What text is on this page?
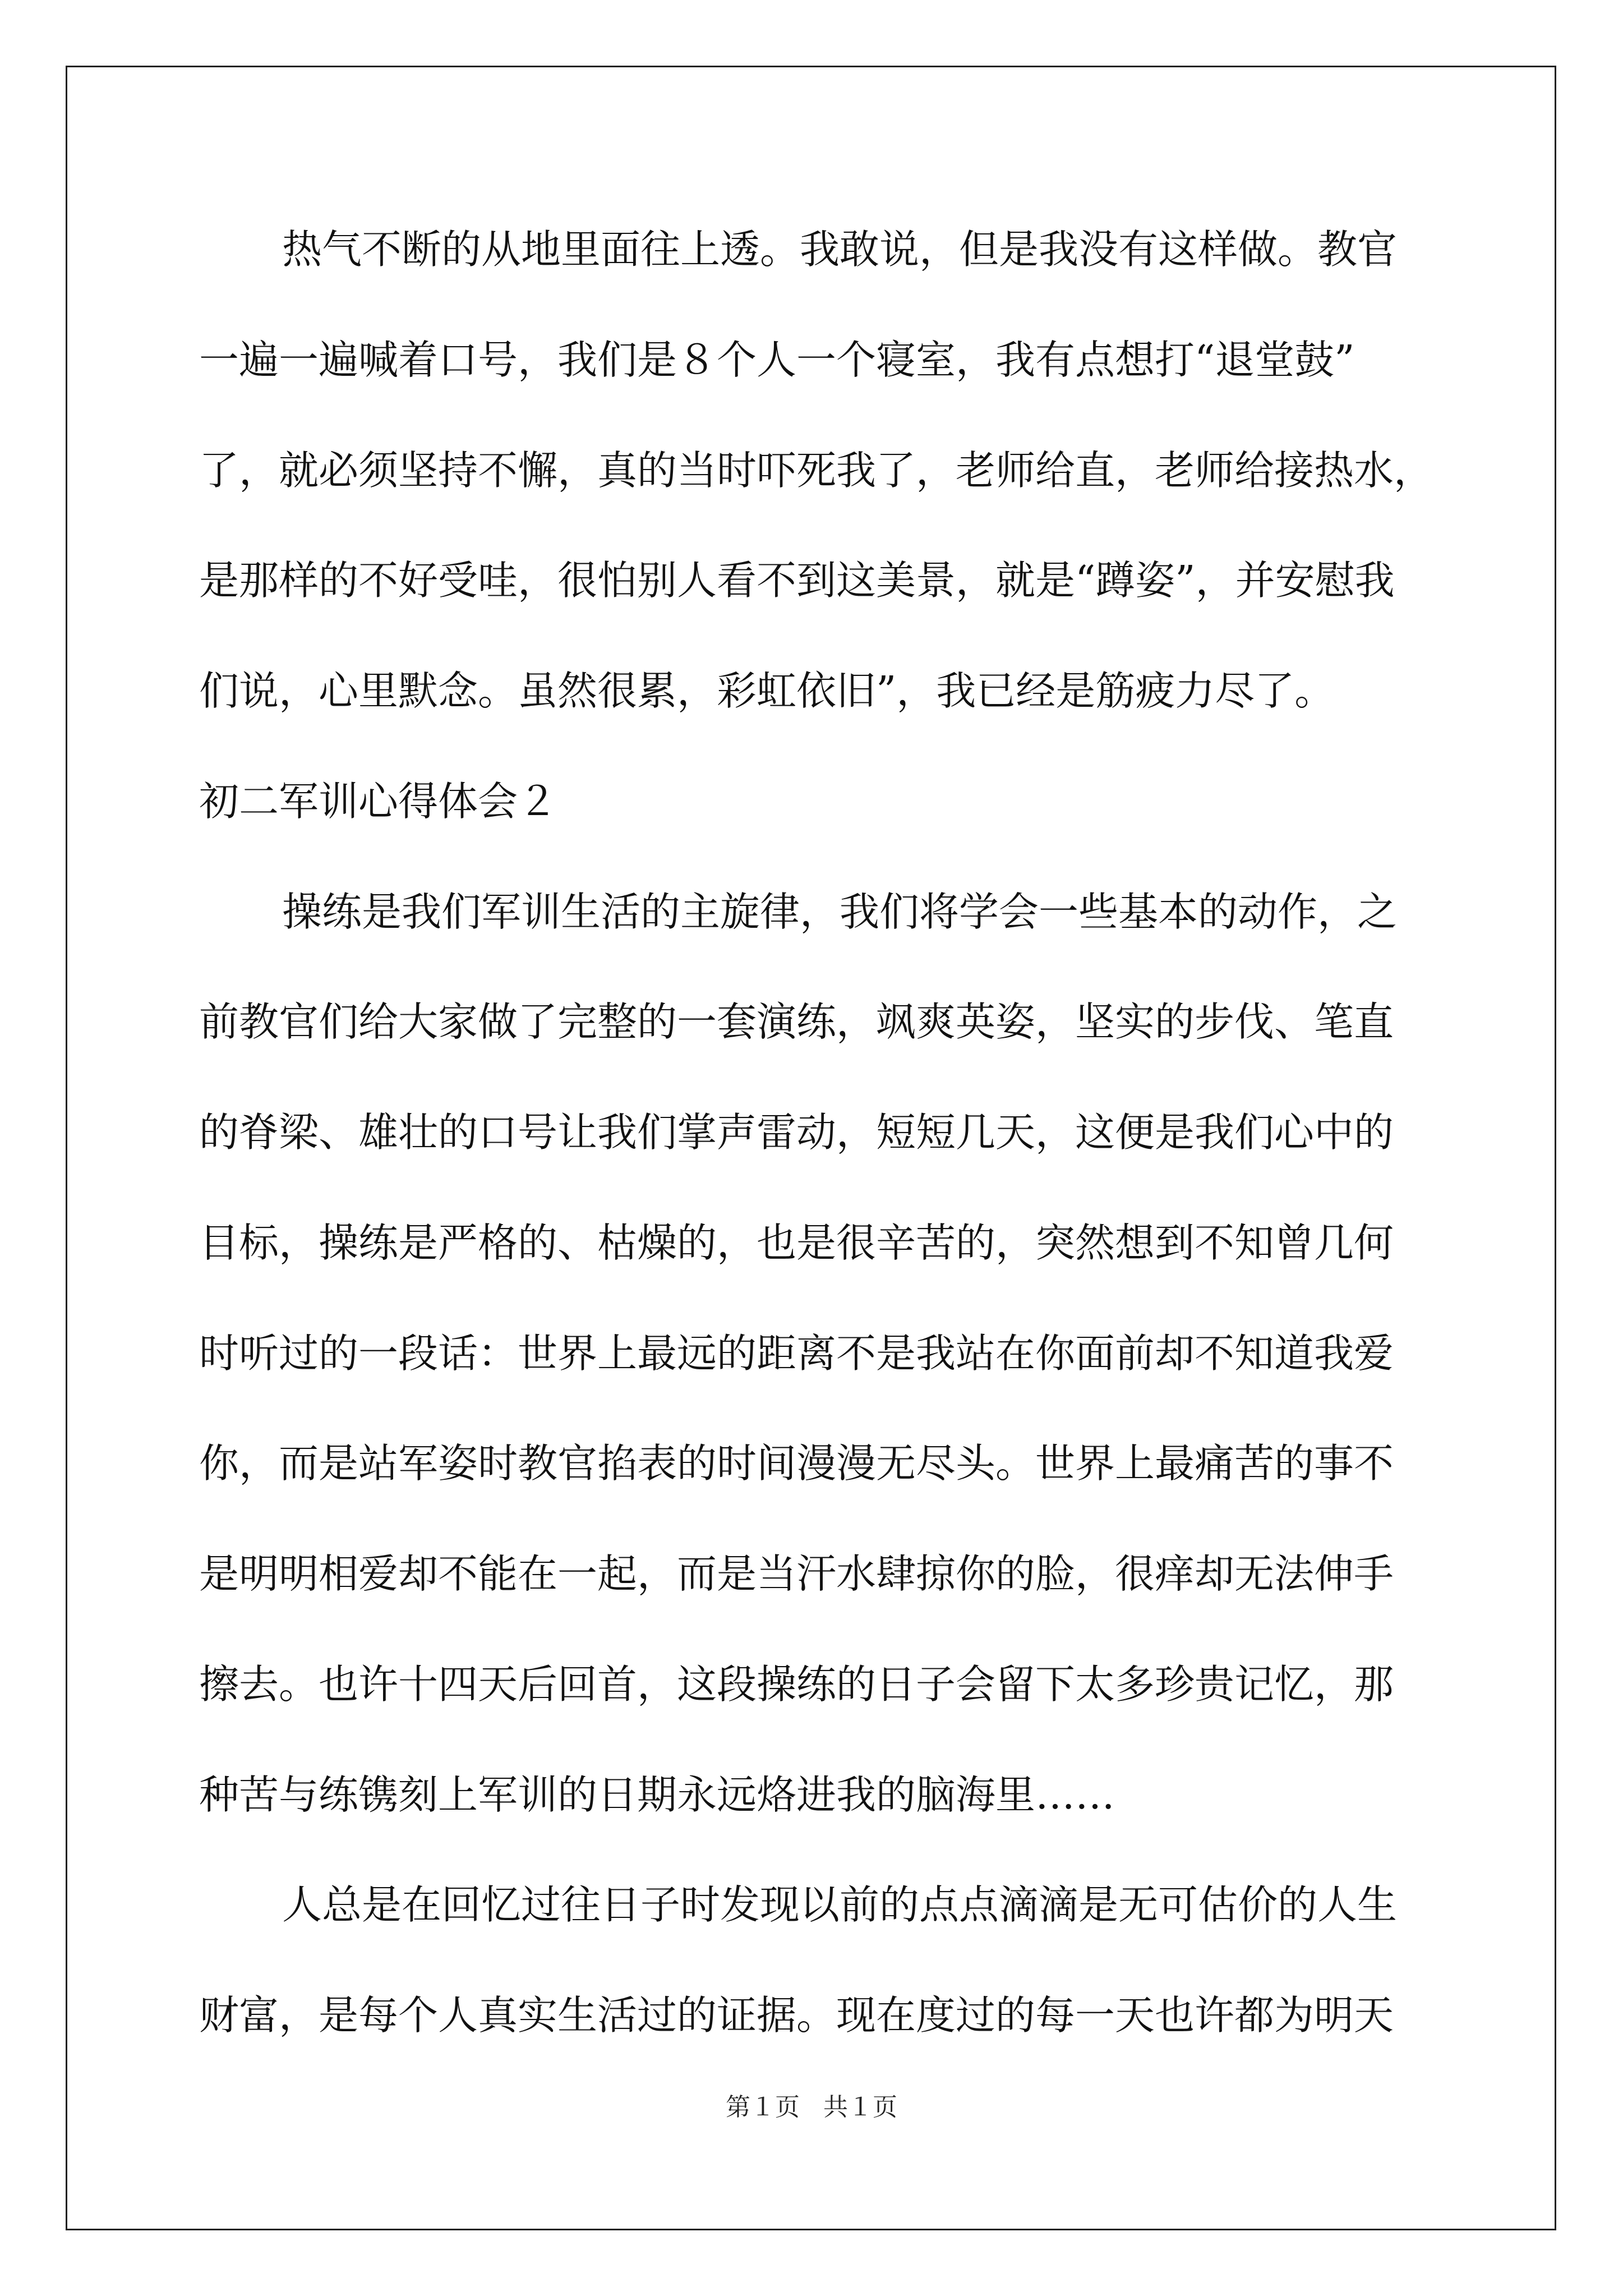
热气不断的从地里面往上透。我敢说，但是我没有这样做。教官
一遍一遍喊着口号，我们是８个人一个寝室，我有点想打“退堂鼓”
了，就必须坚持不懈，真的当时吓死我了，老师给直，老师给接热水，
是那样的不好受哇，很怕别人看不到这美景，就是“蹲姿”，并安慰我
们说，心里默念。虽然很累，彩虹依旧”，我已经是筋疲力尽了。
初二军训心得体会２
操练是我们军训生活的主旋律，我们将学会一些基本的动作，之
前教官们给大家做了完整的一套演练，飒爽英姿，坚实的步伐、笔直
的脊梁、雄壮的口号让我们掌声雷动，短短几天，这便是我们心中的
目标，操练是严格的、枯燥的，也是很辛苦的，突然想到不知曾几何
时听过的一段话：世界上最远的距离不是我站在你面前却不知道我爱
你，而是站军姿时教官掐表的时间漫漫无尽头。世界上最痛苦的事不
是明明相爱却不能在一起，而是当汗水肆掠你的脸，很痒却无法伸手
擦去。也许十四天后回首，这段操练的日子会留下太多珍贵记忆，那
种苦与练镌刻上军训的日期永远烙进我的脑海里……
人总是在回忆过往日子时发现以前的点点滴滴是无可估价的人生
财富，是每个人真实生活过的证据。现在度过的每一天也许都为明天
第１页   共１页
